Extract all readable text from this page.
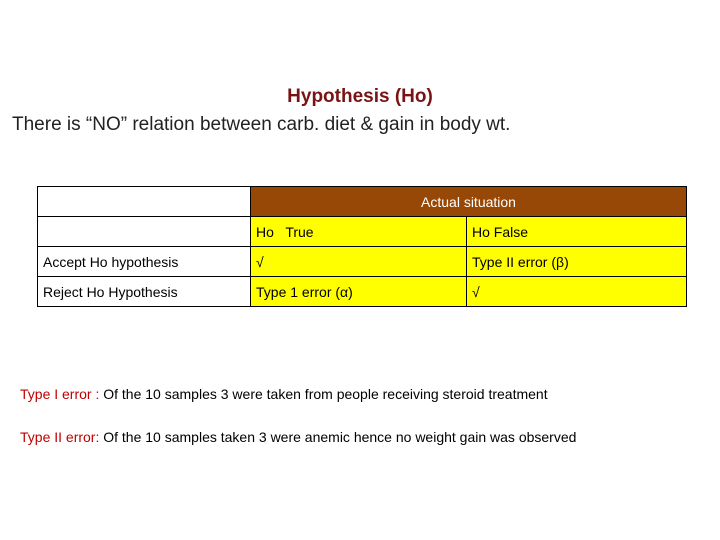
Hypothesis (Ho)
There is “NO” relation between carb. diet & gain in body wt.
	Actual situation	
	Ho   True	Ho False
Accept Ho hypothesis	√	Type II error (β)
Reject Ho Hypothesis	Type 1 error (α)	√
Type I error : Of the 10 samples 3 were taken from people receiving steroid treatment
Type II error: Of the 10 samples taken 3 were anemic hence no weight gain was observed
